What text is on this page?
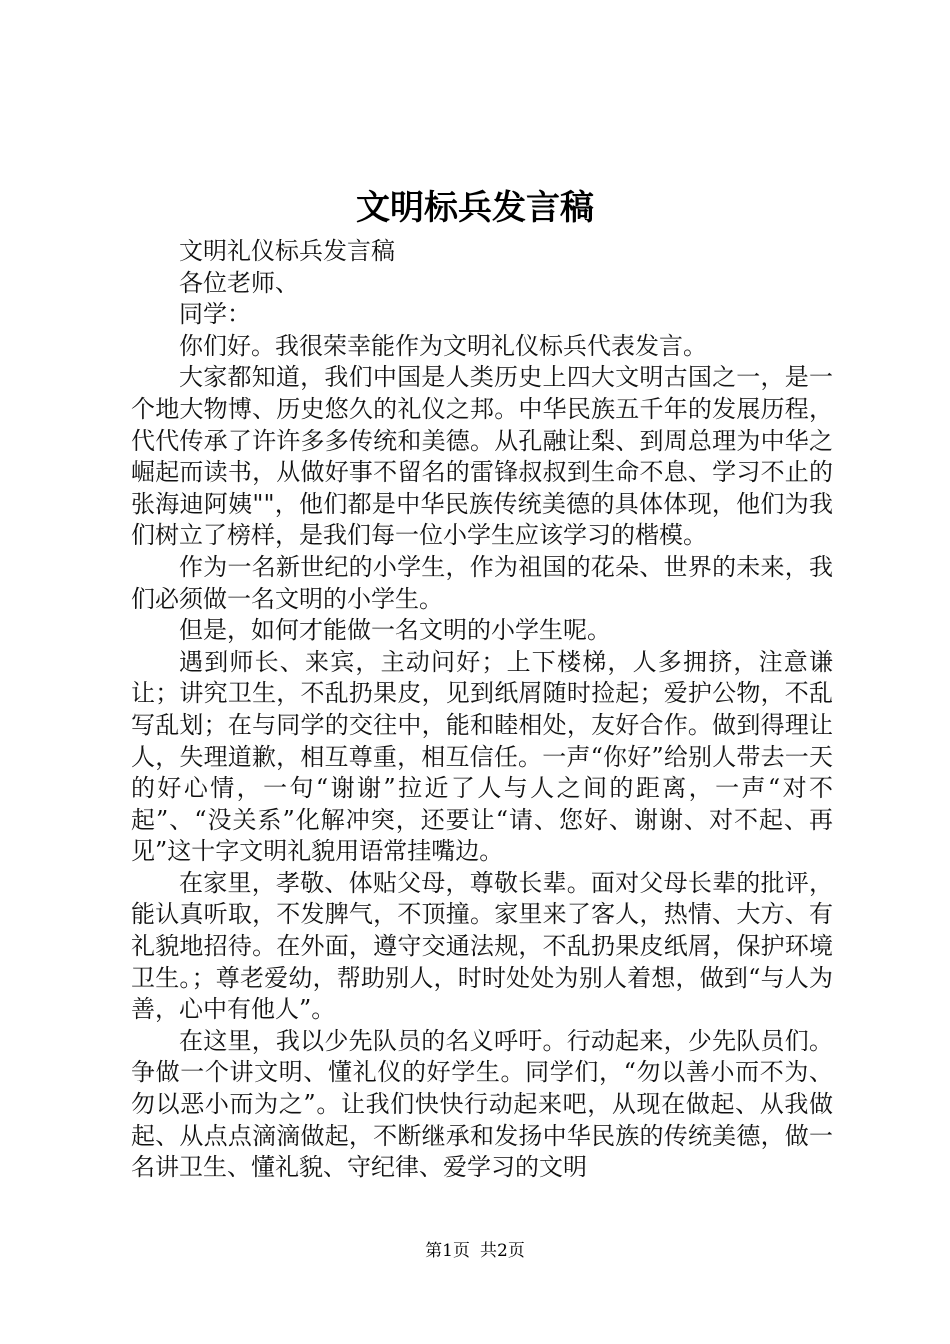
文明标兵发言稿

文明礼仪标兵发言稿

各位老师、

同学：

你们好。我很荣幸能作为文明礼仪标兵代表发言。

大家都知道，我们中国是人类历史上四大文明古国之一，是一个地大物博、历史悠久的礼仪之邦。中华民族五千年的发展历程，代代传承了许许多多传统和美德。从孔融让梨、到周总理为中华之崛起而读书，从做好事不留名的雷锋叔叔到生命不息、学习不止的张海迪阿姨""，他们都是中华民族传统美德的具体体现，他们为我们树立了榜样，是我们每一位小学生应该学习的楷模。

作为一名新世纪的小学生，作为祖国的花朵、世界的未来，我们必须做一名文明的小学生。

但是，如何才能做一名文明的小学生呢。

遇到师长、来宾，主动问好；上下楼梯，人多拥挤，注意谦让；讲究卫生，不乱扔果皮，见到纸屑随时捡起；爱护公物，不乱写乱划；在与同学的交往中，能和睦相处，友好合作。做到得理让人，失理道歉，相互尊重，相互信任。一声“你好”给别人带去一天的好心情，一句“谢谢”拉近了人与人之间的距离，一声“对不起”、“没关系”化解冲突，还要让“请、您好、谢谢、对不起、再见”这十字文明礼貌用语常挂嘴边。

在家里，孝敬、体贴父母，尊敬长辈。面对父母长辈的批评，能认真听取，不发脾气，不顶撞。家里来了客人，热情、大方、有礼貌地招待。在外面，遵守交通法规，不乱扔果皮纸屑，保护环境卫生。；尊老爱幼，帮助别人，时时处处为别人着想，做到“与人为善，心中有他人”。

在这里，我以少先队员的名义呼吁。行动起来，少先队员们。争做一个讲文明、懂礼仪的好学生。同学们，“勿以善小而不为、勿以恶小而为之”。让我们快快行动起来吧，从现在做起、从我做起、从点点滴滴做起，不断继承和发扬中华民族的传统美德，做一名讲卫生、懂礼貌、守纪律、爱学习的文明

第1页 共2页
